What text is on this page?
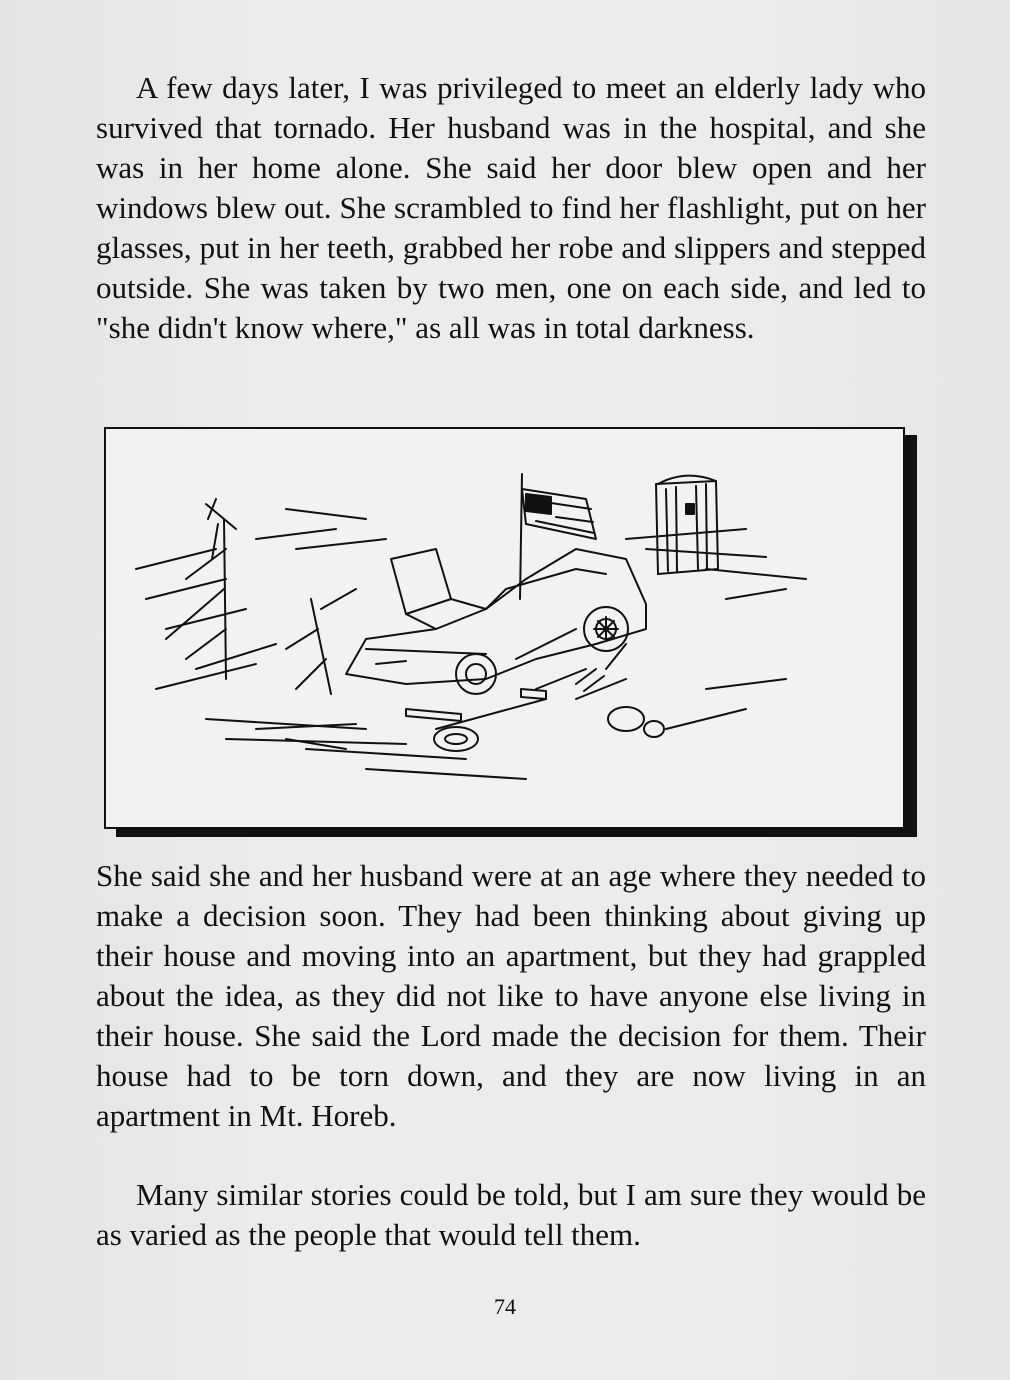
A few days later, I was privileged to meet an elderly lady who survived that tornado. Her husband was in the hospital, and she was in her home alone. She said her door blew open and her windows blew out. She scrambled to find her flashlight, put on her glasses, put in her teeth, grabbed her robe and slippers and stepped outside. She was taken by two men, one on each side, and led to "she didn't know where," as all was in total darkness.

She said she and her husband were at an age where they needed to make a decision soon. They had been thinking about giving up their house and moving into an apartment, but they had grappled about the idea, as they did not like to have anyone else living in their house. She said the Lord made the decision for them. Their house had to be torn down, and they are now living in an apartment in Mt. Horeb.

Many similar stories could be told, but I am sure they would be as varied as the people that would tell them.

74
